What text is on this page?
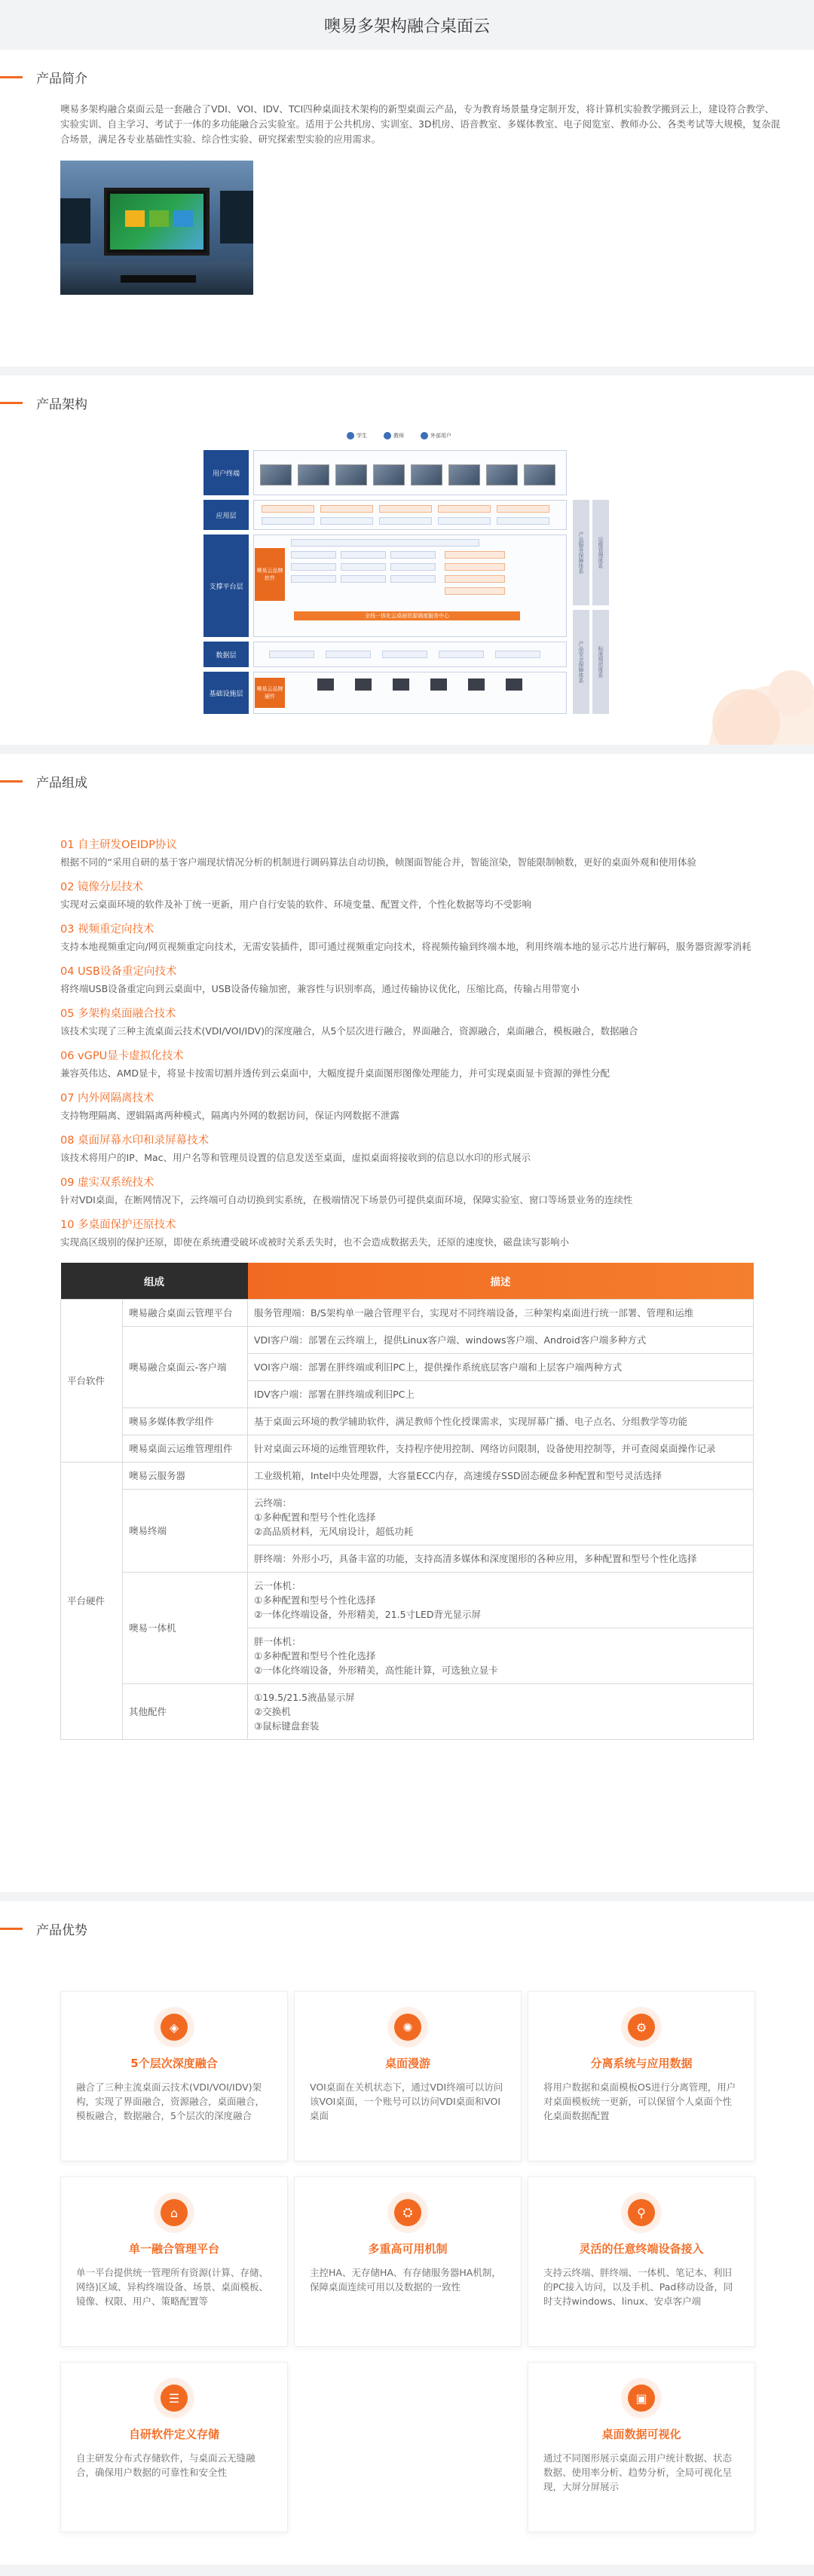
噢易多架构融合桌面云
产品简介

噢易多架构融合桌面云是一套融合了VDI、VOI、IDV、TCI四种桌面技术架构的新型桌面云产品，专为教育场景量身定制开发，将计算机实验教学搬到云上，建设符合教学、实验实训、自主学习、考试于一体的多功能融合云实验室。适用于公共机房、实训室、3D机房、语音教室、多媒体教室、电子阅览室、教师办公、各类考试等大规模，复杂混合场景，满足各专业基础性实验、综合性实验、研究探索型实验的应用需求。

产品架构
学生	教师	外部用户
用户终端
应用层
支撑平台层
噢易云品牌软件
全栈一体化云桌面资源调度服务中心
数据层
基础设施层
噢易云品牌硬件
产品服务保障体系	运维管理体系
产品安全保障体系	标准规范体系
产品组成
01 自主研发OEIDP协议

根据不同的“采用自研的基于客户端现状情况分析的机制进行调码算法自动切换，帧图面智能合并，智能渲染，智能限制帧数，更好的桌面外观和使用体验

02 镜像分层技术

实现对云桌面环境的软件及补丁统一更新，用户自行安装的软件、环境变量、配置文件，个性化数据等均不受影响

03 视频重定向技术

支持本地视频重定向/网页视频重定向技术，无需安装插件，即可通过视频重定向技术，将视频传输到终端本地，利用终端本地的显示芯片进行解码，服务器资源零消耗

04 USB设备重定向技术

将终端USB设备重定向到云桌面中，USB设备传输加密，兼容性与识别率高，通过传输协议优化，压缩比高，传输占用带宽小

05 多架构桌面融合技术

该技术实现了三种主流桌面云技术(VDI/VOI/IDV)的深度融合，从5个层次进行融合，界面融合，资源融合，桌面融合，模板融合，数据融合

06 vGPU显卡虚拟化技术

兼容英伟达、AMD显卡，将显卡按需切割并透传到云桌面中，大幅度提升桌面图形图像处理能力，并可实现桌面显卡资源的弹性分配

07 内外网隔离技术

支持物理隔离、逻辑隔离两种模式，隔离内外网的数据访问，保证内网数据不泄露

08 桌面屏幕水印和录屏幕技术

该技术将用户的IP、Mac、用户名等和管理员设置的信息发送至桌面，虚拟桌面将接收到的信息以水印的形式展示

09 虚实双系统技术

针对VDI桌面，在断网情况下，云终端可自动切换到实系统，在极端情况下场景仍可提供桌面环境，保障实验室、窗口等场景业务的连续性

10 多桌面保护还原技术

实现高区级别的保护还原，即使在系统遭受破坏或被时关系丢失时，也不会造成数据丢失，还原的速度快，磁盘读写影响小

组成		描述
平台软件	噢易融合桌面云管理平台	服务管理端：B/S架构单一融合管理平台，实现对不同终端设备，三种架构桌面进行统一部署、管理和运维
	噢易融合桌面云-客户端	VDI客户端：部署在云终端上，提供Linux客户端、windows客户端、Android客户端多种方式
		VOI客户端：部署在胖终端或利旧PC上，提供操作系统底层客户端和上层客户端两种方式
		IDV客户端：部署在胖终端或利旧PC上
	噢易多媒体教学组件	基于桌面云环境的教学辅助软件，满足教师个性化授课需求，实现屏幕广播、电子点名、分组教学等功能
	噢易桌面云运维管理组件	针对桌面云环境的运维管理软件，支持程序使用控制、网络访问限制，设备使用控制等，并可查阅桌面操作记录
平台硬件	噢易云服务器	工业级机箱，Intel中央处理器，大容量ECC内存，高速缓存SSD固态硬盘多种配置和型号灵活选择
	噢易终端	云终端：
①多种配置和型号个性化选择
②高品质材料，无风扇设计，超低功耗
		胖终端：外形小巧，具备丰富的功能，支持高清多媒体和深度图形的各种应用，多种配置和型号个性化选择
	噢易一体机	云一体机：
①多种配置和型号个性化选择
②一体化终端设备，外形精美，21.5寸LED背光显示屏
		胖一体机：
①多种配置和型号个性化选择
②一体化终端设备，外形精美，高性能计算，可选独立显卡
	其他配件	①19.5/21.5液晶显示屏
②交换机
③鼠标键盘套装
产品优势
◈
5个层次深度融合

融合了三种主流桌面云技术(VDI/VOI/IDV)架构，实现了界面融合，资源融合，桌面融合，模板融合，数据融合，5个层次的深度融合

✺
桌面漫游

VOI桌面在关机状态下，通过VDI终端可以访问该VOI桌面，一个账号可以访问VDI桌面和VOI桌面

⚙
分离系统与应用数据

将用户数据和桌面模板OS进行分离管理，用户对桌面模板统一更新，可以保留个人桌面个性化桌面数据配置

⌂
单一融合管理平台

单一平台提供统一管理所有资源(计算、存储、网络)区域、异构终端设备、场景、桌面模板、镜像、权限、用户、策略配置等

⛭
多重高可用机制

主控HA、无存储HA、有存储服务器HA机制，保障桌面连续可用以及数据的一致性

⚲
灵活的任意终端设备接入

支持云终端、胖终端、一体机、笔记本、利旧的PC接入访问，以及手机、Pad移动设备，同时支持windows、linux、安卓客户端

☰
自研软件定义存储

自主研发分布式存储软件，与桌面云无缝融合，确保用户数据的可靠性和安全性

▣
桌面数据可视化

通过不同图形展示桌面云用户统计数据、状态数据、使用率分析、趋势分析，全局可视化呈现，大屏分屏展示
